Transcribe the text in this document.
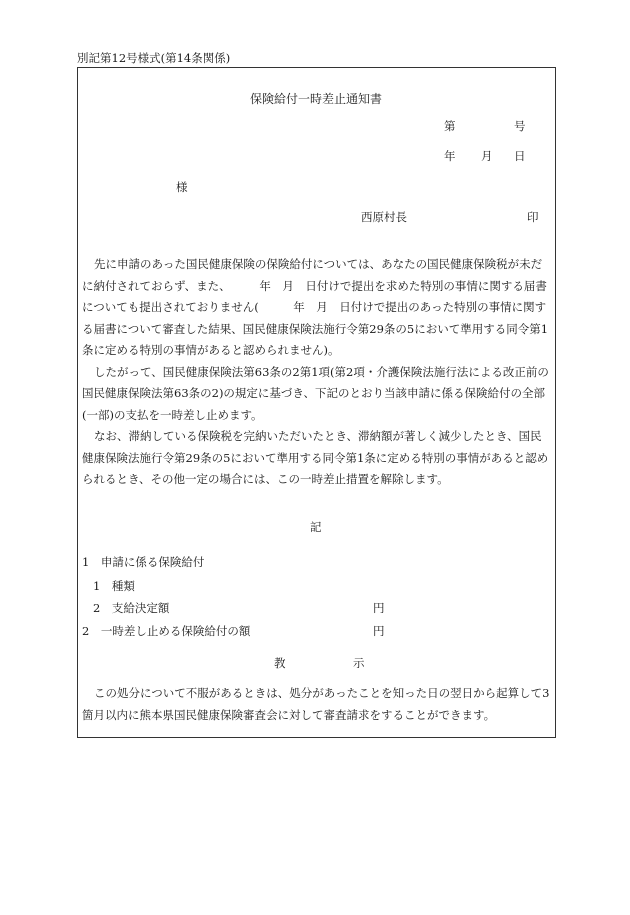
別記第12号様式(第14条関係)
保険給付一時差止通知書
第	号
年 月 日
様
西原村長	印

先に申請のあった国民健康保険の保険給付については、あなたの国民健康保険税が未だに納付されておらず、また、　　　年　月　日付けで提出を求めた特別の事情に関する届書についても提出されておりません(　　　年　月　日付けで提出のあった特別の事情に関する届書について審査した結果、国民健康保険法施行令第29条の5において準用する同令第1条に定める特別の事情があると認められません)。

したがって、国民健康保険法第63条の2第1項(第2項・介護保険法施行法による改正前の国民健康保険法第63条の2)の規定に基づき、下記のとおり当該申請に係る保険給付の全部(一部)の支払を一時差し止めます。

なお、滞納している保険税を完納いただいたとき、滞納額が著しく減少したとき、国民健康保険法施行令第29条の5において準用する同令第1条に定める特別の事情があると認められるとき、その他一定の場合には、この一時差止措置を解除します。

記
1　申請に係る保険給付
1　種類
2　支給決定額	円
2　一時差し止める保険給付の額	円
教	示

この処分について不服があるときは、処分があったことを知った日の翌日から起算して3箇月以内に熊本県国民健康保険審査会に対して審査請求をすることができます。
